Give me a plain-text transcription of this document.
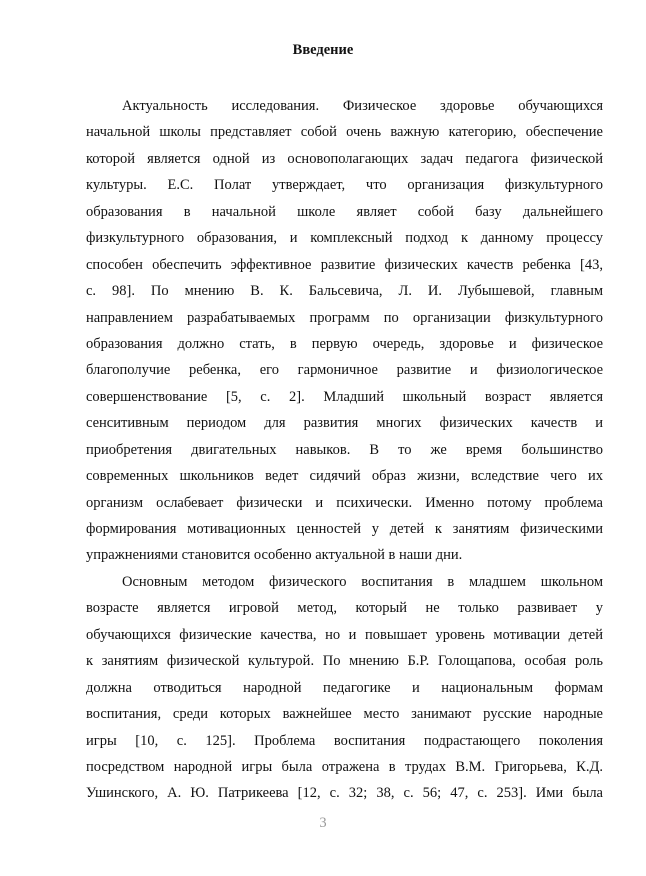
Введение
Актуальность исследования. Физическое здоровье обучающихся
начальной школы представляет собой очень важную категорию, обеспечение
которой является одной из основополагающих задач педагога физической
культуры. Е.С. Полат утверждает, что организация физкультурного
образования в начальной школе являет собой базу дальнейшего
физкультурного образования, и комплексный подход к данному процессу
способен обеспечить эффективное развитие физических качеств ребенка [43,
с. 98]. По мнению В. К. Бальсевича, Л. И. Лубышевой, главным
направлением разрабатываемых программ по организации физкультурного
образования должно стать, в первую очередь, здоровье и физическое
благополучие ребенка, его гармоничное развитие и физиологическое
совершенствование [5, с. 2]. Младший школьный возраст является
сенситивным периодом для развития многих физических качеств и
приобретения двигательных навыков. В то же время большинство
современных школьников ведет сидячий образ жизни, вследствие чего их
организм ослабевает физически и психически. Именно потому проблема
формирования мотивационных ценностей у детей к занятиям физическими
упражнениями становится особенно актуальной в наши дни.
Основным методом физического воспитания в младшем школьном
возрасте является игровой метод, который не только развивает у
обучающихся физические качества, но и повышает уровень мотивации детей
к занятиям физической культурой. По мнению Б.Р. Голощапова, особая роль
должна отводиться народной педагогике и национальным формам
воспитания, среди которых важнейшее место занимают русские народные
игры [10, с. 125]. Проблема воспитания подрастающего поколения
посредством народной игры была отражена в трудах В.М. Григорьева, К.Д.
Ушинского, А. Ю. Патрикеева [12, с. 32; 38, с. 56; 47, с. 253]. Ими была
3
